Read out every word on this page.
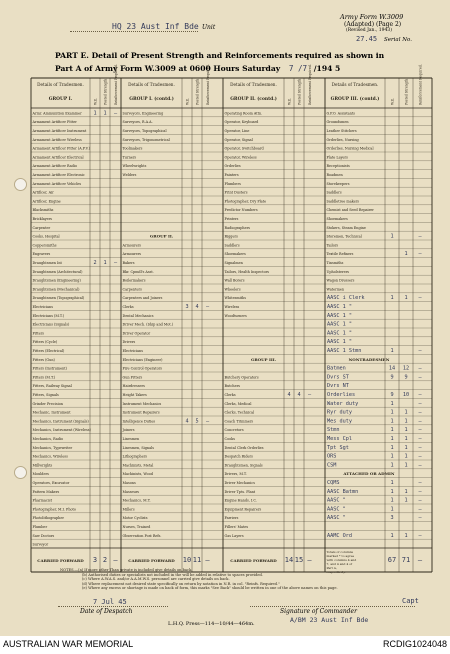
HQ 23 Aust Inf Bde Unit
Army Form W.3009
(Adapted) (Page 2)
(Revised Jan., 1943)
27.45 Serial No.
PART E. Detail of Present Strength and Reinforcements required as shown in
Part A of Army Form W.3009 at 0600 Hours Saturday 7 /7 /194 5
Details of Tradesmen.
GROUP I.	W.E. Posted Strength. Reinforcement Required.
Armr. Ammunition Examiner 1 1 —
Armament Artificer Fitter
Armament Artificer Instrument
Armament Artificer Wireless
Armament Artificer Fitter (A.F.V.)
Armament Artificer Electrical
Armament Artificer Radio
Armament Artificer Electronic
Armament Artificer Vehicles
Artificer, Air
Artificer, Engine
Blacksmiths
Bricklayers
Carpenter
Cooks, Hospital
Coppersmiths
Engravers
Draughtsmen Int	2 1 —
Draughtsmen (Architectural)
Draughtsmen (Engineering)
Draughtsmen (Mechanical)
Draughtsmen (Topographical)
Electricians
Electricians (M.T.)
Electricians (Signals)
Fitters
Fitters (Cycle)
Fitters (Electrical)
Fitters (Gun)
Fitters (Instrument)
Fitters (M.T.)
Fitters, Railway Signal
Fitters, Signals
Grinder Precision
Mechanic, Instrument
Mechanics, Instrument (Signals)
Mechanics, Instrument (Wireless)
Mechanics, Radio
Mechanics, Typewriter
Mechanics, Wireless
Millwrights
Moulders
Operators, Excavator
Pattern Makers
Pharmacist
Photographer, M.I. Photo
Photolithographer
Plumber
Saw Doctors
Surveyor
CARRIED FORWARD 3 2 —
Details of Tradesmen.
GROUP I. (contd.)	W.E. Posted Strength. Reinforcement Required.
Surveyors, Engineering
Surveyors, R.A.A.
Surveyors, Topographical
Surveyors, Trigonometrical
Toolmakers
Turners
Wheelwrights
Welders
GROUP II.
Armourers
Armourers
Bakers
Bkr. Cpmdl's Asst.
Boilermakers
Carpenters
Carpenters and Joiners
Clerks	3 4 —
Dental Mechanics
Driver Mech. (Ship and Mot.)
Driver Operator
Drivers
Electricians
Electricians (Engineer)
Fire Control Operators
Gun Fitters
Hairdressers
Height Takers
Instrument Mechanics
Instrument Repairers
Intelligence Duties	4 5 —
Joiners
Linesmen
Linesmen, Signals
Lithographers
Machinists, Metal
Machinists, Wood
Masons
Masseurs
Mechanics, M.T.
Millers
Motor Cyclists
Nurses, Trained
Observation Post Refs.
CARRIED FORWARD 10 11 —
Details of Tradesmen.
GROUP II. (contd.)	W.E. Posted Strength. Reinforcement Required.
Operating Room Attn.
Operator, Keyboard
Operator, Line
Operator, Signal
Operator, Switchboard
Operator, Wireless
Orderlies
Painters
Plumbers
Print Dusters
Photographer, Dry Plate
Predictor Numbers
Printers
Radiographers
Riggers
Saddlers
Shoemakers
Signalmen
Tailors, Health Inspectors
Wall Borers
Wheelers
Whitesmiths
Wireless
Woodturners
GROUP III.
Butchery Operators
Butchers
Clerks	4 4 —
Clerks, Medical
Clerks, Technical
Coach Trimmers
Concretors
Cooks
Dental Clerk Orderlies
Despatch Riders
Draughtsmen, Signals
Drivers, M.T.
Driver Mechanics
Driver Tpts. Plant
Engine Hands, I.C.
Equipment Repairers
Farriers
Fillers' Mates
Gas Layers
CARRIED FORWARD 14 15 —
Details of Tradesmen.
GROUP III. (contd.)	W.E.	Posted Strength.	Reinforcement Required.
G.P.O. Assistants
Groundsmen
Leather Stitchers
Orderlies, Nursing
Orderlies, Nursing Medical
Plate Layers
Receptionists
Roadmen
Storekeepers
Saddlers
Saddletree makers
Chemist and Seed Repairer
Shoemakers
Stokers, Steam Engine
Storemen, Technical	1	—
Tailors
Textile Refiners	1 —
Tinsmiths
Upholsterers
Wagon Dressers
Watermen
AASC i Clerk	1 1 —
AASC 1 "
AASC 1 "
AASC 1 "
AASC 1 "
AASC 1 "
AASC 1 Stmn	1	—
NONTRADESMEN
Batmen	14 12 —
Dvrs ST	9 9 —
Dvrs NT
Orderlies	9 10 —
Water duty	1	—
Ryr duty	1 1 —
Mes duty	1 1 —
Stmn	1 1 —
Mess Cpl	1 1 —
Tpt Sgt	1 1 —
ORS	1 1 —
CSM	1 1 —
ATTACHED OR ADMIN
CQMS	1	—
AASC Batmn	1 1 —
AASC "	1 1 —
AASC "	1	—
AASC "	3	—
AAMC Ord	1 1 —
Totals of columns
marked * to agree
with columns 4 and
7, and 4 and 4 of
Part A,
respectively.
67 71 —
NOTES.—(a) If more other Than private is included give details on back.
(b) Authorised duties or specialists not included in the will be added in relative to spaces provided.
(c) Where A.W.A.S. and/or A.A.M.W.S. personnel are carried give details on back.
(d) Where replacement not desired state specifically on return by notation in N.R. in col. "Reinfs. Required."
(e) Where any excess or shortage is made on back of form, this marks "See Back" should be written in one of the above names on this page.
7 Jul 45
Date of Despatch
Capt
Signature of Commander
A/BM 23 Aust Inf Bde
L.H.Q. Press—114—10/44—464m.
AUSTRALIAN WAR MEMORIAL	RCDIG1024048
